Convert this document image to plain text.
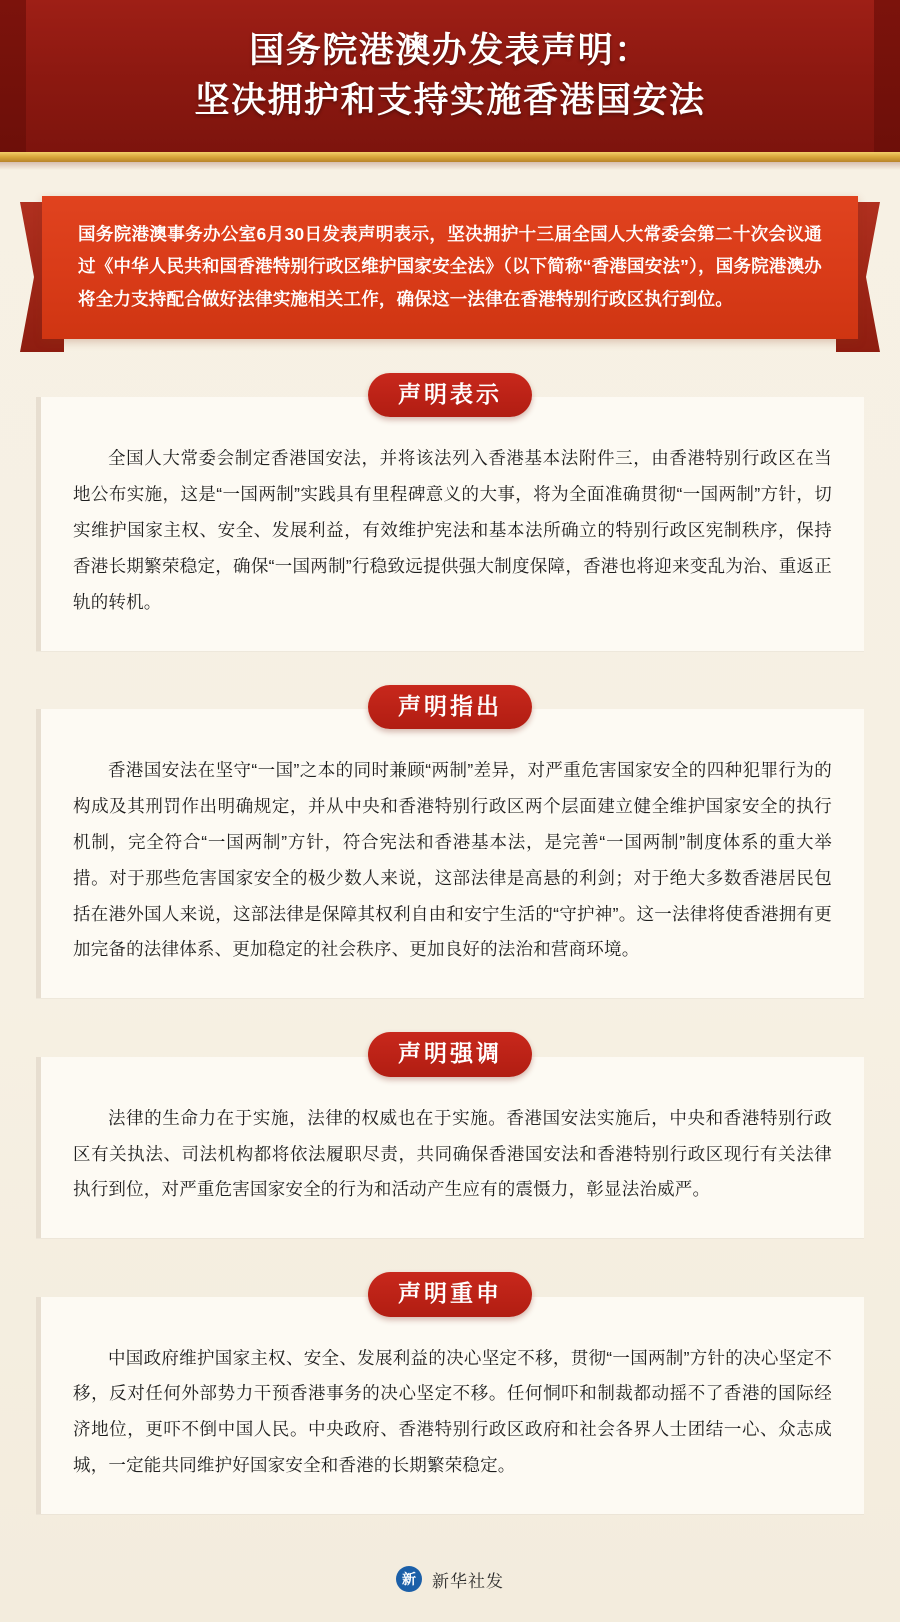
国务院港澳办发表声明：
坚决拥护和支持实施香港国安法

国务院港澳事务办公室6月30日发表声明表示，坚决拥护十三届全国人大常委会第二十次会议通过《中华人民共和国香港特别行政区维护国家安全法》（以下简称“香港国安法”），国务院港澳办将全力支持配合做好法律实施相关工作，确保这一法律在香港特别行政区执行到位。

声明表示

全国人大常委会制定香港国安法，并将该法列入香港基本法附件三，由香港特别行政区在当地公布实施，这是“一国两制”实践具有里程碑意义的大事，将为全面准确贯彻“一国两制”方针，切实维护国家主权、安全、发展利益，有效维护宪法和基本法所确立的特别行政区宪制秩序，保持香港长期繁荣稳定，确保“一国两制”行稳致远提供强大制度保障，香港也将迎来变乱为治、重返正轨的转机。

声明指出

香港国安法在坚守“一国”之本的同时兼顾“两制”差异，对严重危害国家安全的四种犯罪行为的构成及其刑罚作出明确规定，并从中央和香港特别行政区两个层面建立健全维护国家安全的执行机制，完全符合“一国两制”方针，符合宪法和香港基本法，是完善“一国两制”制度体系的重大举措。对于那些危害国家安全的极少数人来说，这部法律是高悬的利剑；对于绝大多数香港居民包括在港外国人来说，这部法律是保障其权利自由和安宁生活的“守护神”。这一法律将使香港拥有更加完备的法律体系、更加稳定的社会秩序、更加良好的法治和营商环境。

声明强调

法律的生命力在于实施，法律的权威也在于实施。香港国安法实施后，中央和香港特别行政区有关执法、司法机构都将依法履职尽责，共同确保香港国安法和香港特别行政区现行有关法律执行到位，对严重危害国家安全的行为和活动产生应有的震慑力，彰显法治威严。

声明重申

中国政府维护国家主权、安全、发展利益的决心坚定不移，贯彻“一国两制”方针的决心坚定不移，反对任何外部势力干预香港事务的决心坚定不移。任何恫吓和制裁都动摇不了香港的国际经济地位，更吓不倒中国人民。中央政府、香港特别行政区政府和社会各界人士团结一心、众志成城，一定能共同维护好国家安全和香港的长期繁荣稳定。

新 新华社发
